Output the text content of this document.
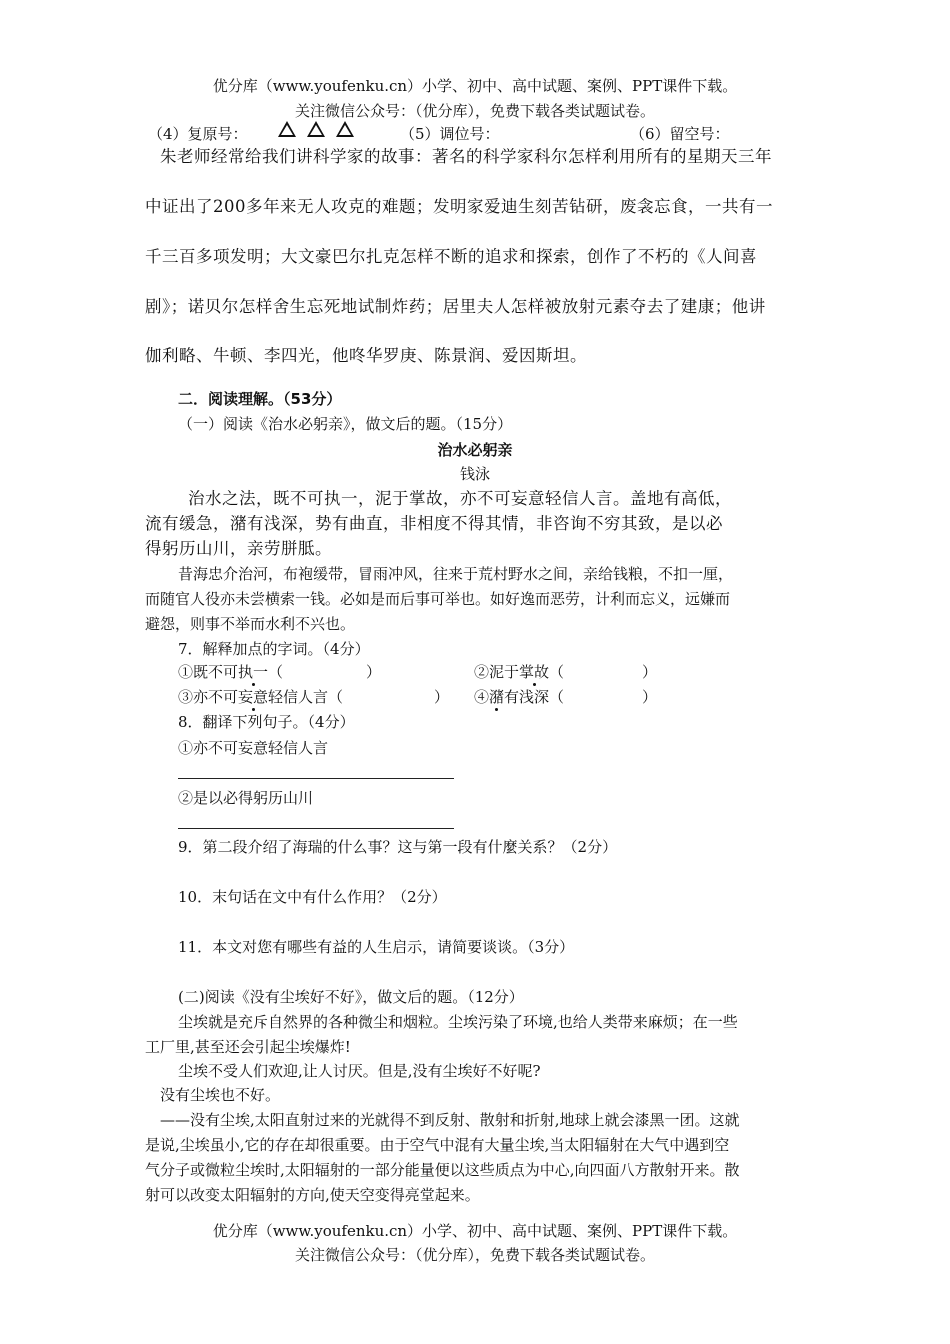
优分库（www.youfenku.cn）小学、初中、高中试题、案例、PPT课件下载。
关注微信公众号：（优分库），免费下载各类试题试卷。
（4）复原号：
	（5）调位号：	（6）留空号：
朱老师经常给我们讲科学家的故事：著名的科学家科尔怎样利用所有的星期天三年
中证出了200多年来无人攻克的难题；发明家爱迪生刻苦钻研，废衾忘食，一共有一
千三百多项发明；大文豪巴尔扎克怎样不断的追求和探索，创作了不朽的《人间喜
剧》；诺贝尔怎样舍生忘死地试制炸药；居里夫人怎样被放射元素夺去了建康；他讲
伽利略、牛顿、李四光，他咚华罗庚、陈景润、爱因斯坦。
二．阅读理解。（53分）
（一）阅读《治水必躬亲》，做文后的题。（15分）
治水必躬亲
钱泳
治水之法，既不可执一，泥于掌故，亦不可妄意轻信人言。盖地有高低，
流有缓急，潴有浅深，势有曲直，非相度不得其情，非咨询不穷其致，是以必
得躬历山川，亲劳胼胝。
昔海忠介治河，布袍缓带，冒雨冲风，往来于荒村野水之间，亲给钱粮，不扣一厘，
而随官人役亦未尝横索一钱。必如是而后事可举也。如好逸而恶劳，计利而忘义，远嫌而
避怨，则事不举而水利不兴也。
7．解释加点的字词。（4分）
①既不可执一（	）	②泥于掌故（	）
③亦不可妄意轻信人言（	） ④潴有浅深（	）
8．翻译下列句子。（4分）
①亦不可妄意轻信人言
②是以必得躬历山川
9．第二段介绍了海瑞的什么事？这与第一段有什麼关系？（2分）
10．末句话在文中有什么作用？（2分）
11．本文对您有哪些有益的人生启示，请简要谈谈。（3分）
(二)阅读《没有尘埃好不好》，做文后的题。（12分）
尘埃就是充斥自然界的各种微尘和烟粒。尘埃污染了环境,也给人类带来麻烦；在一些
工厂里,甚至还会引起尘埃爆炸!
尘埃不受人们欢迎,让人讨厌。但是,没有尘埃好不好呢?
没有尘埃也不好。
——没有尘埃,太阳直射过来的光就得不到反射、散射和折射,地球上就会漆黑一团。这就
是说,尘埃虽小,它的存在却很重要。由于空气中混有大量尘埃,当太阳辐射在大气中遇到空
气分子或微粒尘埃时,太阳辐射的一部分能量便以这些质点为中心,向四面八方散射开来。散
射可以改变太阳辐射的方向,使天空变得亮堂起来。
优分库（www.youfenku.cn）小学、初中、高中试题、案例、PPT课件下载。
关注微信公众号：（优分库），免费下载各类试题试卷。
